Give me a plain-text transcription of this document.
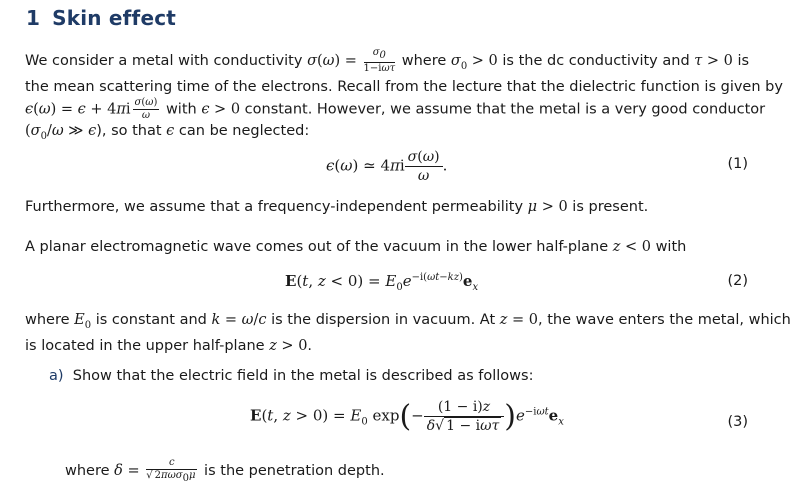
1 Skin effect
We consider a metal with conductivity $\sigma(\omega) = \frac{\sigma_0}{\text{1−iωτ}}$ where $\sigma_0 > 0$ is the dc conductivity and τ > 0 is
the mean scattering time of the electrons. Recall from the lecture that the dielectric function is given by
$\epsilon(\omega) = \epsilon + 4\pi i \frac{\sigma(\omega)}{\omega}$ with ϵ > 0 constant. However, we assume that the metal is a very good conductor
($\sigma_0/\omega$ ≫ ϵ), so that ϵ can be neglected:
ϵ(ω) ≃ $4\pi i \frac{\sigma(\omega)}{\omega}$ .	(1)
Furthermore, we assume that a frequency-independent permeability μ > 0 is present.
A planar electromagnetic wave comes out of the vacuum in the lower half-plane z < 0 with
E(t, $z < 0) = E_0e^{-i(\omega t-kz)}e_x$	(2)
where $E_0$ is constant and k = ω/c is the dispersion in vacuum. At z = 0, the wave enters the metal, which
is located in the upper half-plane z > 0.
a) Show that the electric field in the metal is described as follows:
E(t, $z > 0) = E_0$ $\exp(- \frac{(1 - i)z}{\text{δ√ 1 − iωτ}} )e^{-i\omega t}e_x$	(3)
where $\delta = \frac{c}{√ 2\pi\omega\sigma_0\mu}$ is the penetration depth.
